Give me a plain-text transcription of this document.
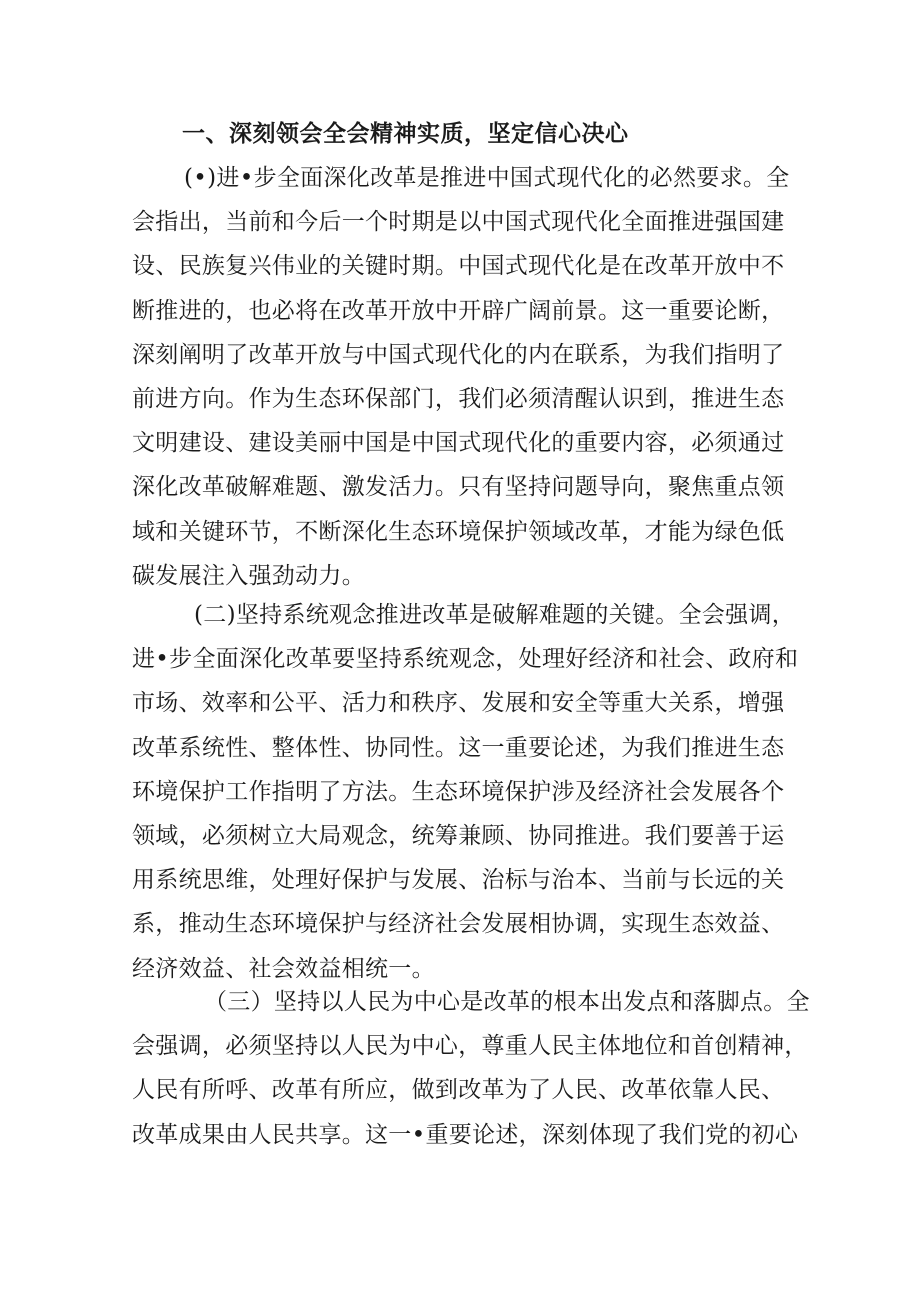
一、深刻领会全会精神实质，坚定信心决心

(•)进•步全面深化改革是推进中国式现代化的必然要求。全
会指出，当前和今后一个时期是以中国式现代化全面推进强国建
设、民族复兴伟业的关键时期。中国式现代化是在改革开放中不
断推进的，也必将在改革开放中开辟广阔前景。这一重要论断，
深刻阐明了改革开放与中国式现代化的内在联系，为我们指明了
前进方向。作为生态环保部门，我们必须清醒认识到，推进生态
文明建设、建设美丽中国是中国式现代化的重要内容，必须通过
深化改革破解难题、激发活力。只有坚持问题导向，聚焦重点领
域和关键环节，不断深化生态环境保护领域改革，才能为绿色低
碳发展注入强劲动力。

(二)坚持系统观念推进改革是破解难题的关键。全会强调，
进•步全面深化改革要坚持系统观念，处理好经济和社会、政府和
市场、效率和公平、活力和秩序、发展和安全等重大关系，增强
改革系统性、整体性、协同性。这一重要论述，为我们推进生态
环境保护工作指明了方法。生态环境保护涉及经济社会发展各个
领域，必须树立大局观念，统筹兼顾、协同推进。我们要善于运
用系统思维，处理好保护与发展、治标与治本、当前与长远的关
系，推动生态环境保护与经济社会发展相协调，实现生态效益、
经济效益、社会效益相统一。

（三）坚持以人民为中心是改革的根本出发点和落脚点。全
会强调，必须坚持以人民为中心，尊重人民主体地位和首创精神，
人民有所呼、改革有所应，做到改革为了人民、改革依靠人民、
改革成果由人民共享。这一•重要论述，深刻体现了我们党的初心
